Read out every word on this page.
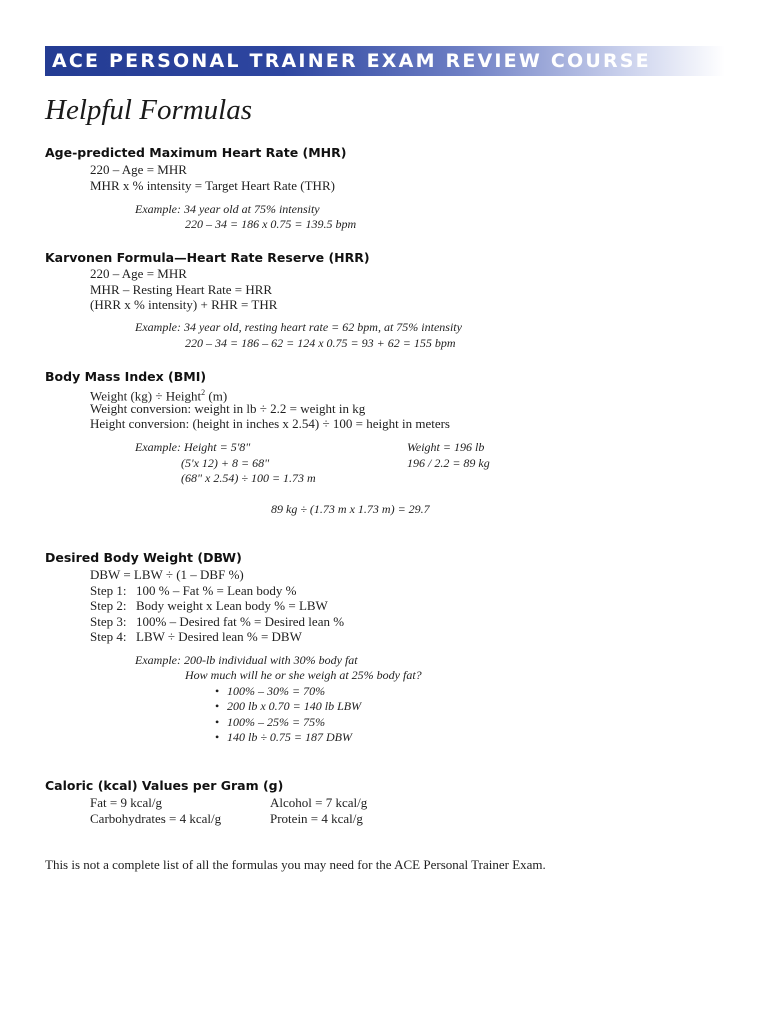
ACE PERSONAL TRAINER EXAM REVIEW COURSE
Helpful Formulas
Age-predicted Maximum Heart Rate (MHR)
220 – Age = MHR
MHR x % intensity = Target Heart Rate (THR)
Example: 34 year old at 75% intensity
220 – 34 = 186 x 0.75 = 139.5 bpm
Karvonen Formula—Heart Rate Reserve (HRR)
220 – Age = MHR
MHR – Resting Heart Rate = HRR
(HRR x % intensity) + RHR = THR
Example: 34 year old, resting heart rate = 62 bpm, at 75% intensity
220 – 34 = 186 – 62 = 124 x 0.75 = 93 + 62 = 155 bpm
Body Mass Index (BMI)
Weight (kg) ÷ Height$^2$ (m)
Weight conversion: weight in lb ÷ 2.2 = weight in kg
Height conversion: (height in inches x 2.54) ÷ 100 = height in meters
Example: Height = 5'8"
(5'x 12) + 8 = 68"
(68" x 2.54) ÷ 100 = 1.73 m
Weight = 196 lb
196 / 2.2 = 89 kg
89 kg ÷ (1.73 m x 1.73 m) = 29.7
Desired Body Weight (DBW)
DBW = LBW ÷ (1 – DBF %)
Step 1: 100 % – Fat % = Lean body %
Step 2: Body weight x Lean body % = LBW
Step 3: 100% – Desired fat % = Desired lean %
Step 4: LBW ÷ Desired lean % = DBW
Example: 200-lb individual with 30% body fat
How much will he or she weigh at 25% body fat?
• 100% – 30% = 70%
• 200 lb x 0.70 = 140 lb LBW
• 100% – 25% = 75%
• 140 lb ÷ 0.75 = 187 DBW
Caloric (kcal) Values per Gram (g)
Fat = 9 kcal/g
Carbohydrates = 4 kcal/g
Alcohol = 7 kcal/g
Protein = 4 kcal/g
This is not a complete list of all the formulas you may need for the ACE Personal Trainer Exam.
